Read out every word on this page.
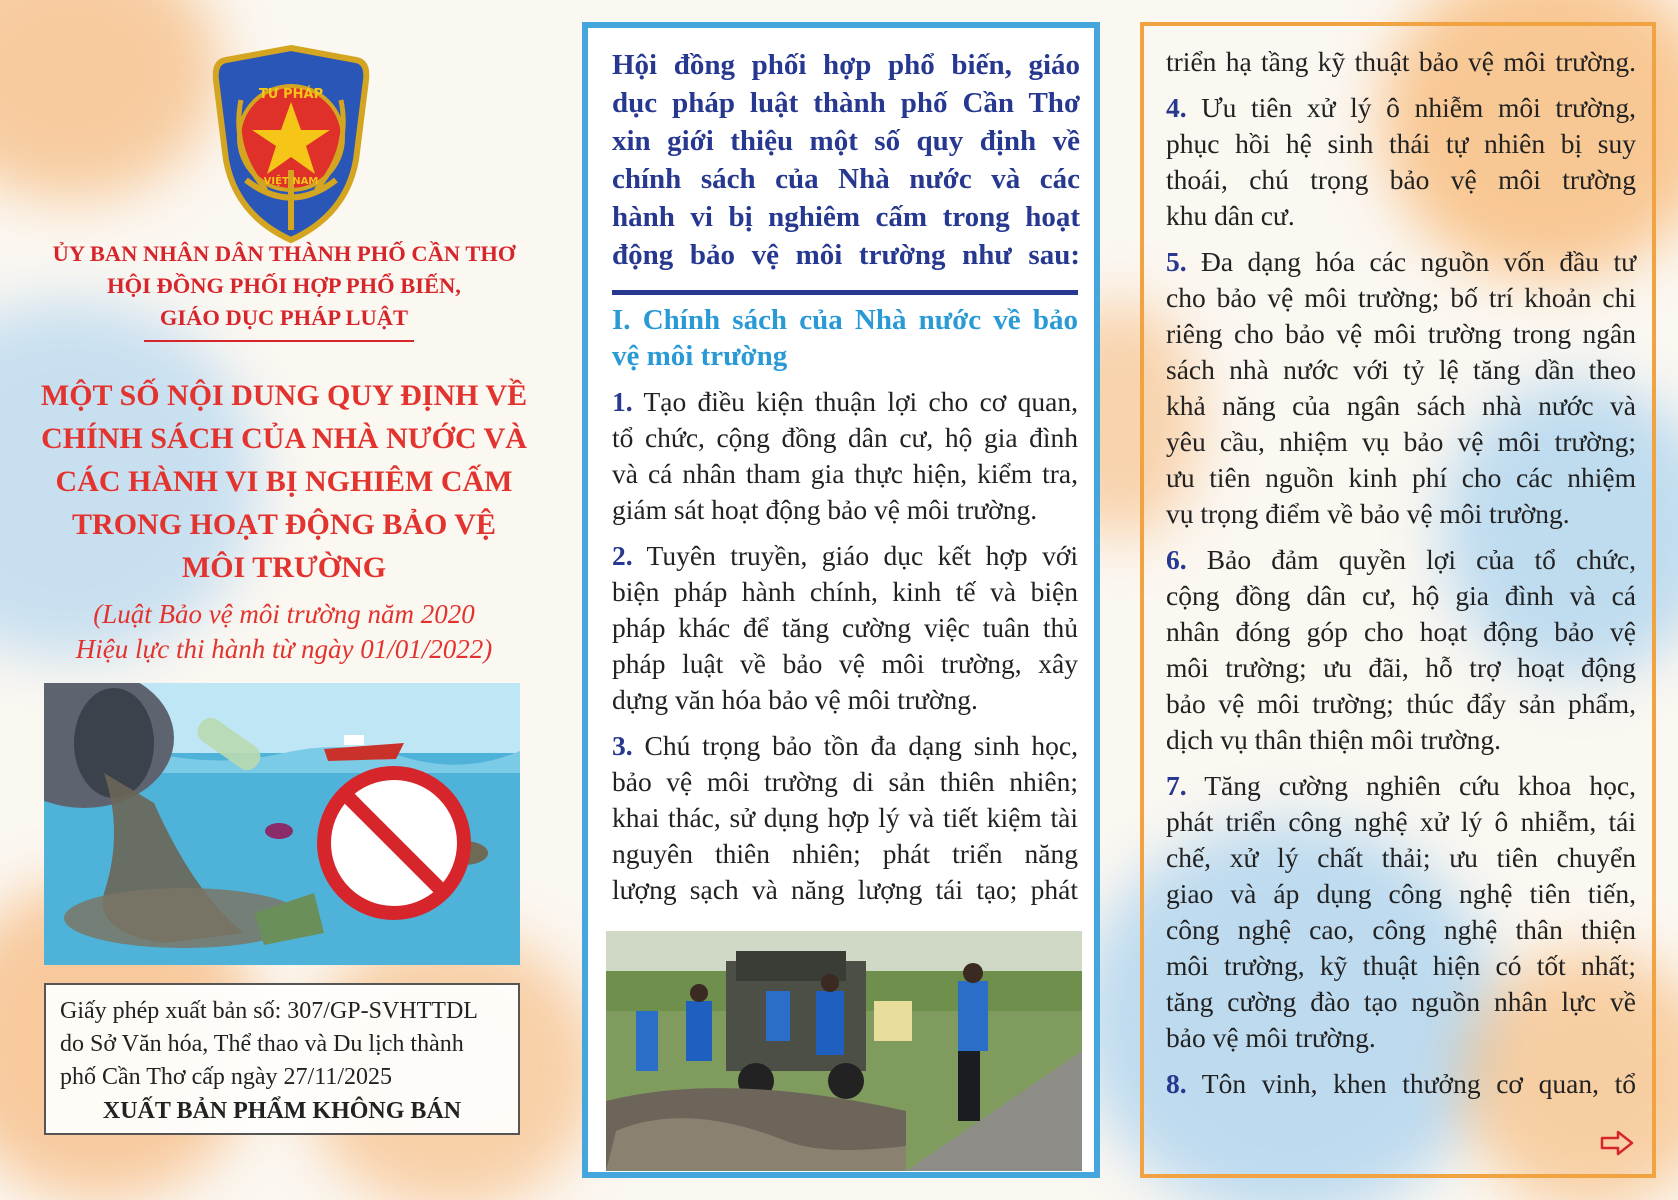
TƯ PHÁP
VIỆT NAM
ỦY BAN NHÂN DÂN THÀNH PHỐ CẦN THƠ
HỘI ĐỒNG PHỐI HỢP PHỔ BIẾN,
GIÁO DỤC PHÁP LUẬT
MỘT SỐ NỘI DUNG QUY ĐỊNH VỀ
CHÍNH SÁCH CỦA NHÀ NƯỚC VÀ
CÁC HÀNH VI BỊ NGHIÊM CẤM
TRONG HOẠT ĐỘNG BẢO VỆ
MÔI TRƯỜNG
(Luật Bảo vệ môi trường năm 2020
Hiệu lực thi hành từ ngày 01/01/2022)
Giấy phép xuất bản số: 307/GP-SVHTTDL
do Sở Văn hóa, Thể thao và Du lịch thành
phố Cần Thơ cấp ngày 27/11/2025
XUẤT BẢN PHẨM KHÔNG BÁN
Hội đồng phối hợp phổ biến, giáo
dục pháp luật thành phố Cần Thơ
xin giới thiệu một số quy định về
chính sách của Nhà nước và các
hành vi bị nghiêm cấm trong hoạt
động bảo vệ môi trường như sau:
I. Chính sách của Nhà nước về bảo
vệ môi trường
1. Tạo điều kiện thuận lợi cho cơ quan,
tổ chức, cộng đồng dân cư, hộ gia đình
và cá nhân tham gia thực hiện, kiểm tra,
giám sát hoạt động bảo vệ môi trường.
2. Tuyên truyền, giáo dục kết hợp với
biện pháp hành chính, kinh tế và biện
pháp khác để tăng cường việc tuân thủ
pháp luật về bảo vệ môi trường, xây
dựng văn hóa bảo vệ môi trường.
3. Chú trọng bảo tồn đa dạng sinh học,
bảo vệ môi trường di sản thiên nhiên;
khai thác, sử dụng hợp lý và tiết kiệm tài
nguyên thiên nhiên; phát triển năng
lượng sạch và năng lượng tái tạo; phát
triển hạ tầng kỹ thuật bảo vệ môi trường.
4. Ưu tiên xử lý ô nhiễm môi trường,
phục hồi hệ sinh thái tự nhiên bị suy
thoái, chú trọng bảo vệ môi trường
khu dân cư.
5. Đa dạng hóa các nguồn vốn đầu tư
cho bảo vệ môi trường; bố trí khoản chi
riêng cho bảo vệ môi trường trong ngân
sách nhà nước với tỷ lệ tăng dần theo
khả năng của ngân sách nhà nước và
yêu cầu, nhiệm vụ bảo vệ môi trường;
ưu tiên nguồn kinh phí cho các nhiệm
vụ trọng điểm về bảo vệ môi trường.
6. Bảo đảm quyền lợi của tổ chức,
cộng đồng dân cư, hộ gia đình và cá
nhân đóng góp cho hoạt động bảo vệ
môi trường; ưu đãi, hỗ trợ hoạt động
bảo vệ môi trường; thúc đẩy sản phẩm,
dịch vụ thân thiện môi trường.
7. Tăng cường nghiên cứu khoa học,
phát triển công nghệ xử lý ô nhiễm, tái
chế, xử lý chất thải; ưu tiên chuyển
giao và áp dụng công nghệ tiên tiến,
công nghệ cao, công nghệ thân thiện
môi trường, kỹ thuật hiện có tốt nhất;
tăng cường đào tạo nguồn nhân lực về
bảo vệ môi trường.
8. Tôn vinh, khen thưởng cơ quan, tổ
